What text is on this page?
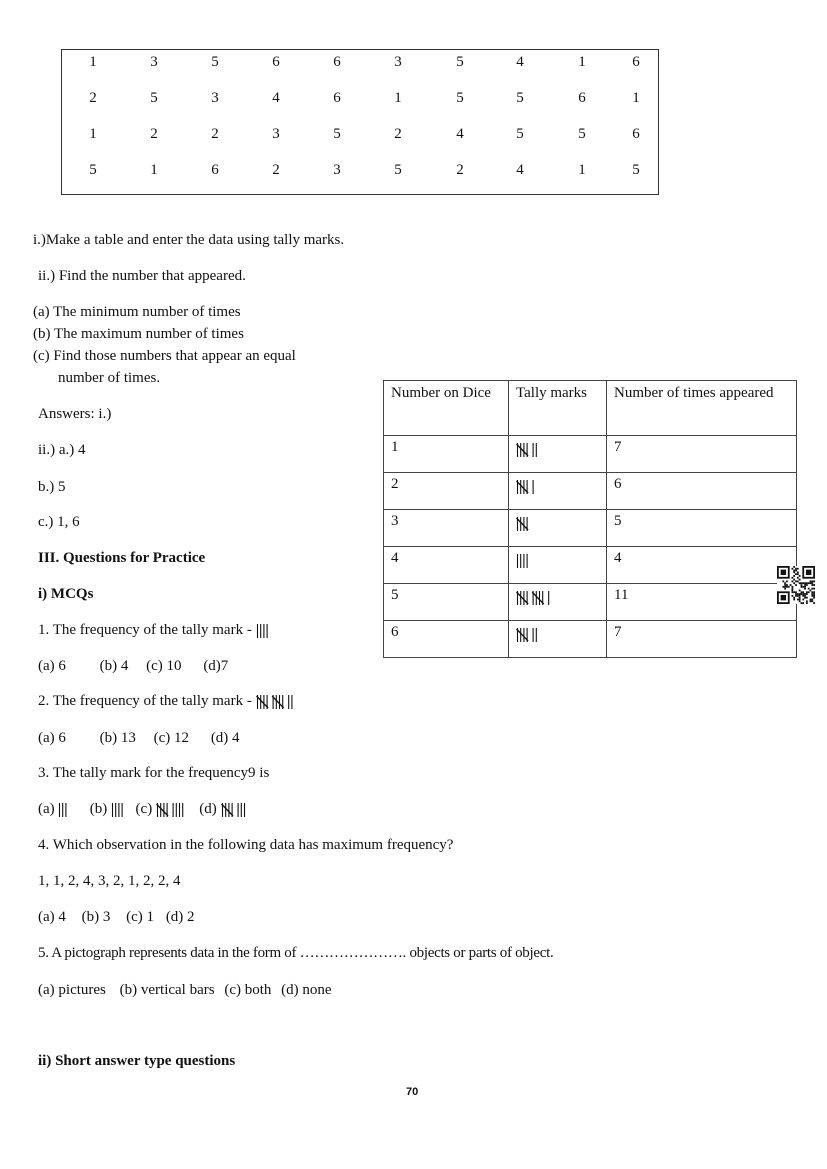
1	3	5	6	6	3	5	4	1	6
2	5	3	4	6	1	5	5	6	1
1	2	2	3	5	2	4	5	5	6
5	1	6	2	3	5	2	4	1	5
i.)Make a table and enter the data using tally marks.
ii.) Find the number that appeared.
(a) The minimum number of times
(b) The maximum number of times
(c) Find those numbers that appear an equal
number of times.
Answers: i.)
ii.) a.) 4
b.) 5
c.) 1, 6
Number on Dice	Tally marks	Number of times appeared
1		7
2		6
3		5
4		4
5		11
6		7
III. Questions for Practice
i) MCQs
1. The frequency of the tally mark -
(a) 6 (b) 4 (c) 10 (d)7
2. The frequency of the tally mark -
(a) 6 (b) 13 (c) 12 (d) 4
3. The tally mark for the frequency9 is
(a) (b) (c)	(d)
4. Which observation in the following data has maximum frequency?
1, 1, 2, 4, 3, 2, 1, 2, 2, 4
(a) 4 (b) 3 (c) 1 (d) 2
5. A pictograph represents data in the form of …………………. objects or parts of object.
(a) pictures (b) vertical bars (c) both (d) none
ii) Short answer type questions
70
